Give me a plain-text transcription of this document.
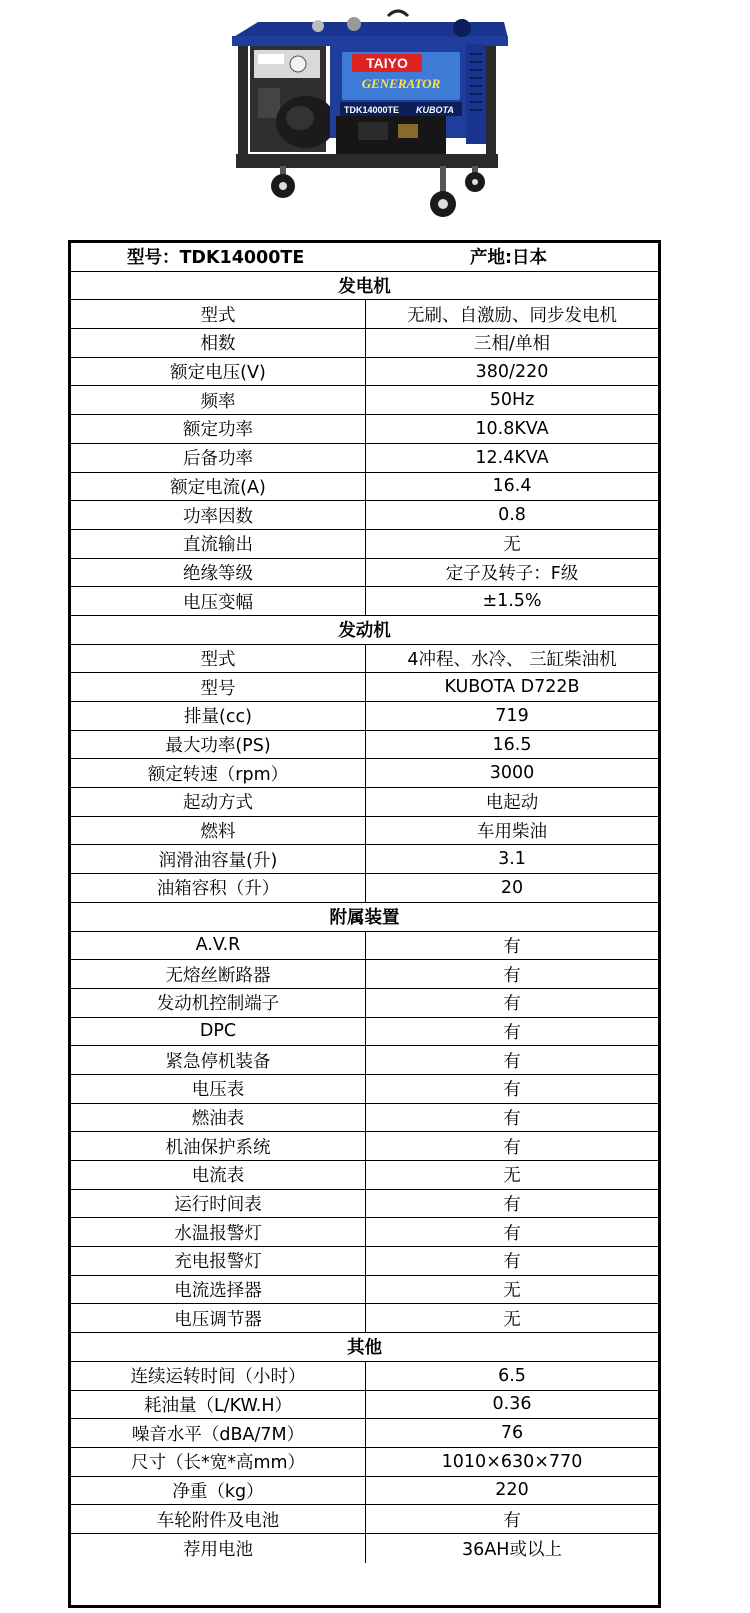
TAIYO
GENERATOR
TDK14000TE KUBOTA
型号：TDK14000TE	产地:日本
发电机
型式	无刷、自激励、同步发电机
相数	三相/单相
额定电压(V)	380/220
频率	50Hz
额定功率	10.8KVA
后备功率	12.4KVA
额定电流(A)	16.4
功率因数	0.8
直流输出	无
绝缘等级	定子及转子：F级
电压变幅	±1.5%
发动机
型式	4冲程、水冷、 三缸柴油机
型号	KUBOTA D722B
排量(cc)	719
最大功率(PS)	16.5
额定转速（rpm）	3000
起动方式	电起动
燃料	车用柴油
润滑油容量(升)	3.1
油箱容积（升）	20
附属装置
A.V.R	有
无熔丝断路器	有
发动机控制端子	有
DPC	有
紧急停机装备	有
电压表	有
燃油表	有
机油保护系统	有
电流表	无
运行时间表	有
水温报警灯	有
充电报警灯	有
电流选择器	无
电压调节器	无
其他
连续运转时间（小时）	6.5
耗油量（L/KW.H）	0.36
噪音水平（dBA/7M）	76
尺寸（长*宽*高mm）	1010×630×770
净重（kg）	220
车轮附件及电池	有
荐用电池	36AH或以上
